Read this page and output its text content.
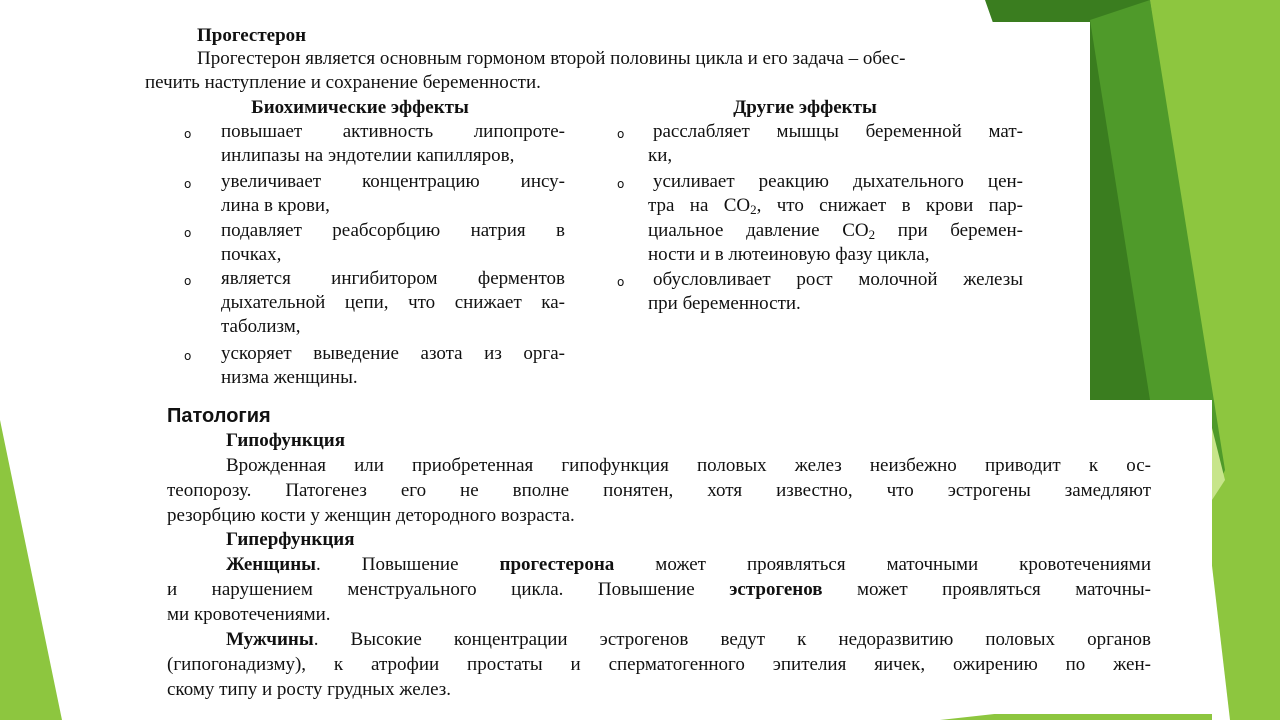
Прогестерон
Прогестерон является основным гормоном второй половины цикла и его задача – обес-
печить наступление и сохранение беременности.
Биохимические эффекты	Другие эффекты
o повышает активность липопроте-
инлипазы на эндотелии капилляров,
o увеличивает концентрацию инсу-
лина в крови,
o подавляет реабсорбцию натрия в
почках,
o является ингибитором ферментов
дыхательной цепи, что снижает ка-
таболизм,
o ускоряет выведение азота из орга-
низма женщины.
o расслабляет мышцы беременной мат-
ки,
o усиливает реакцию дыхательного цен-
тра на $СО_2$, что снижает в крови пар-
циальное давление $СО_2$ при беремен-
ности и в лютеиновую фазу цикла,
o обусловливает рост молочной железы
при беременности.
Патология
Гипофункция
Врожденная или приобретенная гипофункция половых желез неизбежно приводит к ос-
теопорозу. Патогенез его не вполне понятен, хотя известно, что эстрогены замедляют
резорбцию кости у женщин детородного возраста.
Гиперфункция
Женщины. Повышение прогестерона может проявляться маточными кровотечениями
и нарушением менструального цикла. Повышение эстрогенов может проявляться маточны-
ми кровотечениями.
Мужчины. Высокие концентрации эстрогенов ведут к недоразвитию половых органов
(гипогонадизму), к атрофии простаты и сперматогенного эпителия яичек, ожирению по жен-
скому типу и росту грудных желез.
